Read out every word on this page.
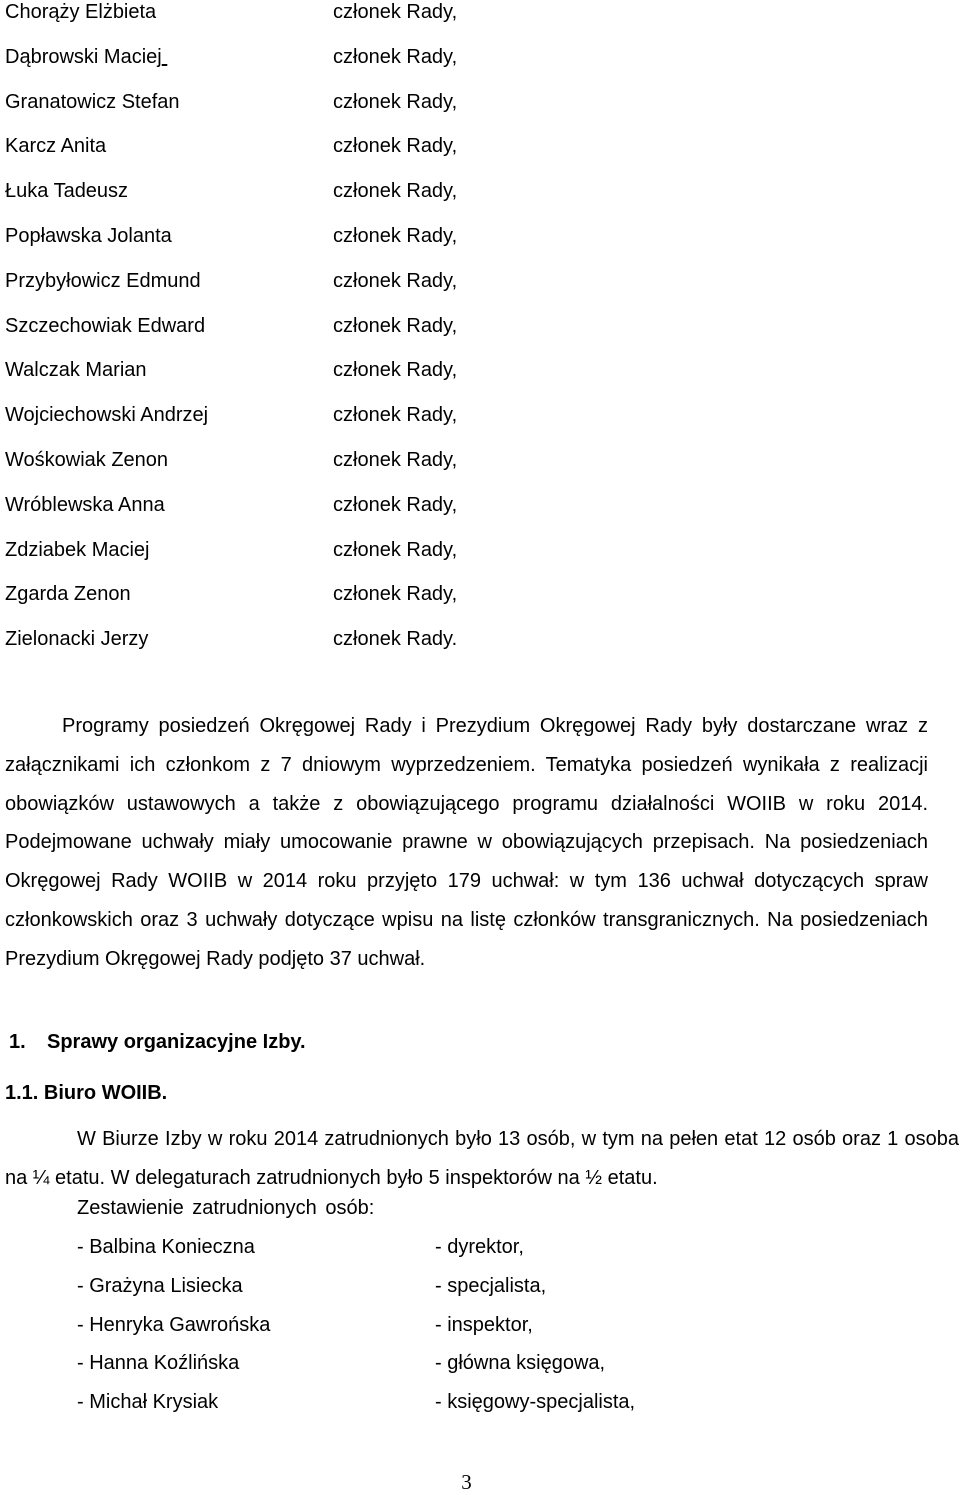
Chorąży Elżbieta	członek Rady,
Dąbrowski Maciej	członek Rady,
Granatowicz Stefan	członek Rady,
Karcz Anita	członek Rady,
Łuka Tadeusz	członek Rady,
Popławska Jolanta	członek Rady,
Przybyłowicz Edmund	członek Rady,
Szczechowiak Edward	członek Rady,
Walczak Marian	członek Rady,
Wojciechowski Andrzej	członek Rady,
Wośkowiak Zenon	członek Rady,
Wróblewska Anna	członek Rady,
Zdziabek Maciej	członek Rady,
Zgarda Zenon	członek Rady,
Zielonacki Jerzy	członek Rady.

Programy posiedzeń Okręgowej Rady i Prezydium Okręgowej Rady były dostarczane wraz z załącznikami ich członkom z 7 dniowym wyprzedzeniem. Tematyka posiedzeń wynikała z realizacji obowiązków ustawowych a także z obowiązującego programu działalności WOIIB w roku 2014. Podejmowane uchwały miały umocowanie prawne w obowiązujących przepisach. Na posiedzeniach Okręgowej Rady WOIIB w 2014 roku przyjęto 179 uchwał: w tym 136 uchwał dotyczących spraw członkowskich oraz 3 uchwały dotyczące wpisu na listę członków transgranicznych. Na posiedzeniach Prezydium Okręgowej Rady podjęto 37 uchwał.

1. Sprawy organizacyjne Izby.
1.1. Biuro WOIIB.

W Biurze Izby w roku 2014 zatrudnionych było 13 osób, w tym na pełen etat 12 osób oraz 1 osoba na ¼ etatu. W delegaturach zatrudnionych było 5 inspektorów na ½ etatu.

Zestawienie zatrudnionych osób:
- Balbina Konieczna	- dyrektor,
- Grażyna Lisiecka	- specjalista,
- Henryka Gawrońska	- inspektor,
- Hanna Koźlińska	- główna księgowa,
- Michał Krysiak	- księgowy-specjalista,
3
